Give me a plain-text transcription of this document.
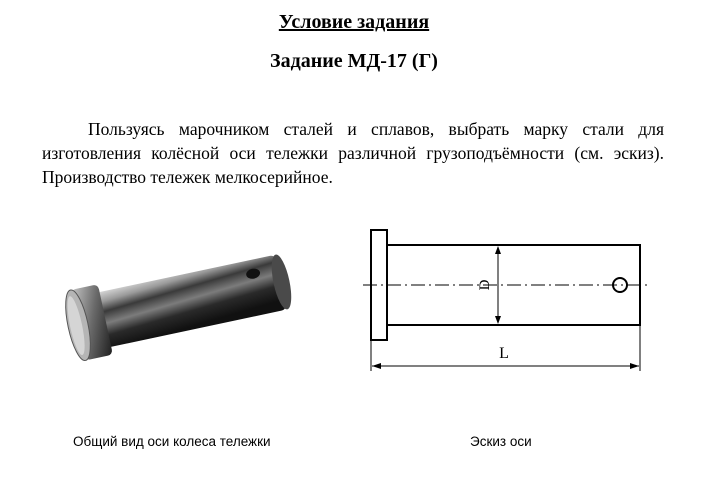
Условие задания
Задание МД-17 (Г)

Пользуясь марочником сталей и сплавов, выбрать марку стали для изготовления колёсной оси тележки различной грузоподъёмности (см. эскиз). Производство тележек мелкосерийное.

D
L
Общий вид оси колеса тележки	Эскиз оси
